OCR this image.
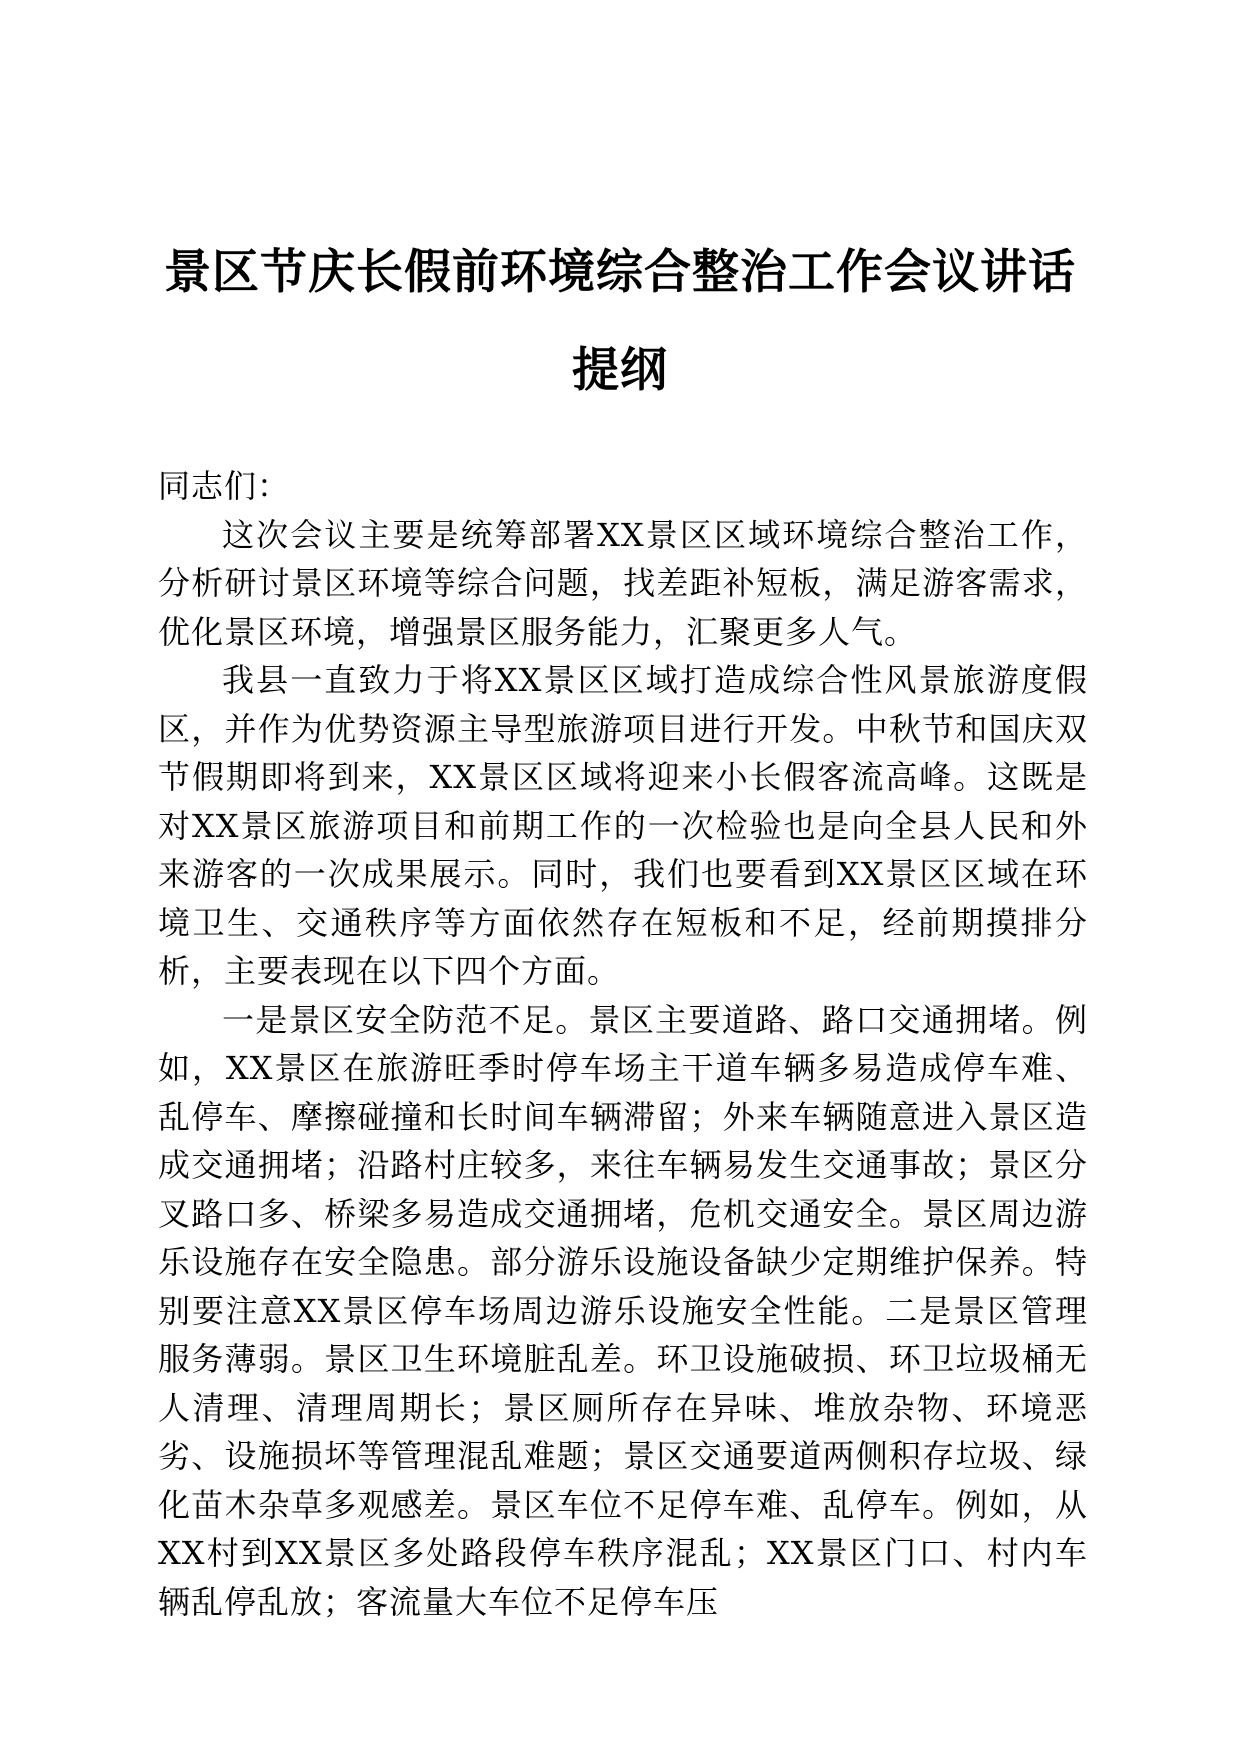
景区节庆长假前环境综合整治工作会议讲话提纲

同志们：

这次会议主要是统筹部署XX景区区域环境综合整治工作，分析研讨景区环境等综合问题，找差距补短板，满足游客需求，优化景区环境，增强景区服务能力，汇聚更多人气。

我县一直致力于将XX景区区域打造成综合性风景旅游度假区，并作为优势资源主导型旅游项目进行开发。中秋节和国庆双节假期即将到来，XX景区区域将迎来小长假客流高峰。这既是对XX景区旅游项目和前期工作的一次检验也是向全县人民和外来游客的一次成果展示。同时，我们也要看到XX景区区域在环境卫生、交通秩序等方面依然存在短板和不足，经前期摸排分析，主要表现在以下四个方面。

一是景区安全防范不足。景区主要道路、路口交通拥堵。例如，XX景区在旅游旺季时停车场主干道车辆多易造成停车难、乱停车、摩擦碰撞和长时间车辆滞留；外来车辆随意进入景区造成交通拥堵；沿路村庄较多，来往车辆易发生交通事故；景区分叉路口多、桥梁多易造成交通拥堵，危机交通安全。景区周边游乐设施存在安全隐患。部分游乐设施设备缺少定期维护保养。特别要注意XX景区停车场周边游乐设施安全性能。二是景区管理服务薄弱。景区卫生环境脏乱差。环卫设施破损、环卫垃圾桶无人清理、清理周期长；景区厕所存在异味、堆放杂物、环境恶劣、设施损坏等管理混乱难题；景区交通要道两侧积存垃圾、绿化苗木杂草多观感差。景区车位不足停车难、乱停车。例如，从XX村到XX景区多处路段停车秩序混乱；XX景区门口、村内车辆乱停乱放；客流量大车位不足停车压
